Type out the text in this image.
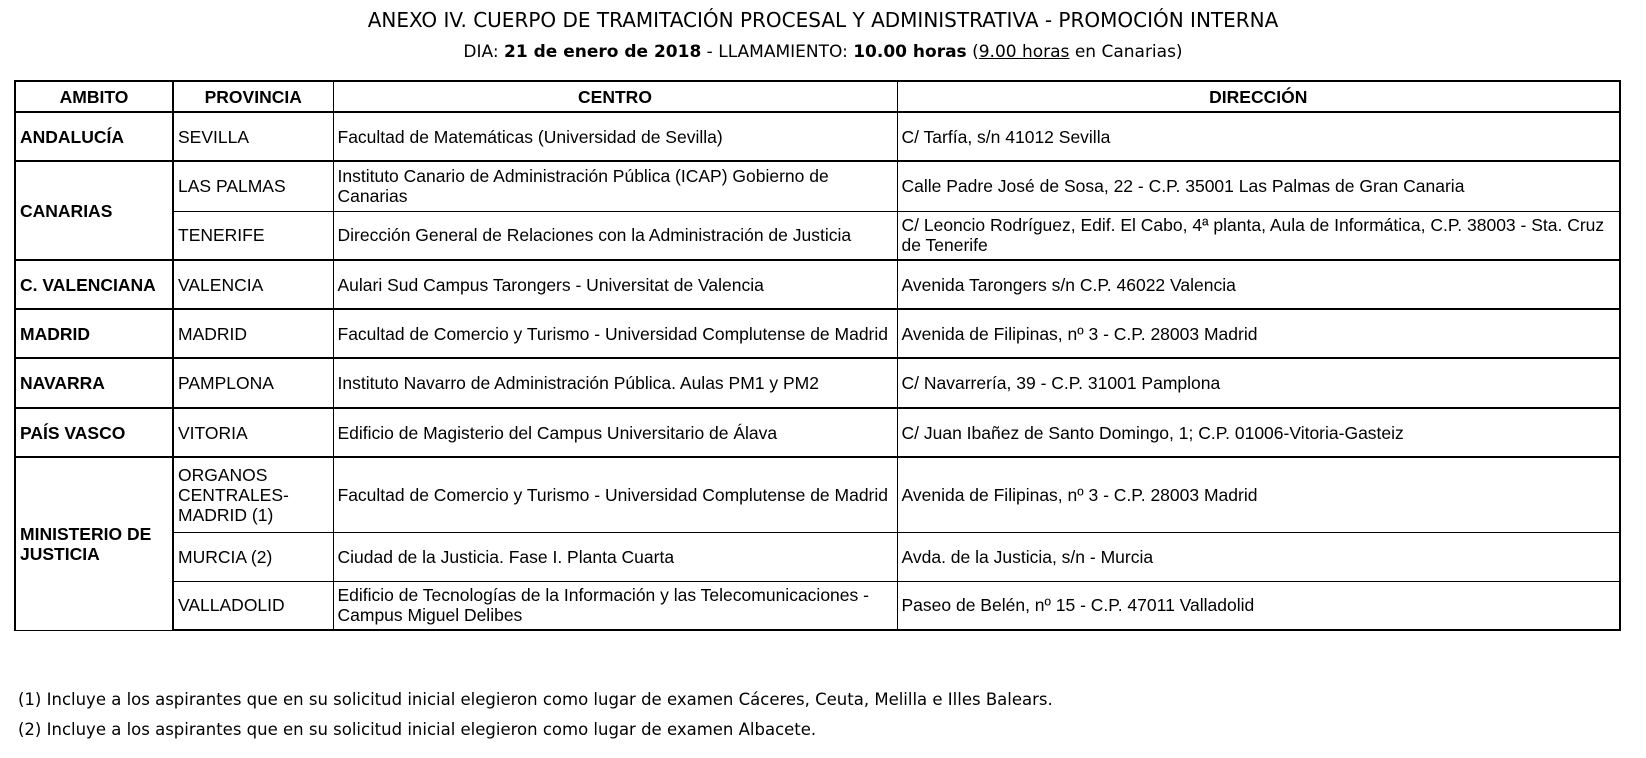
ANEXO IV. CUERPO DE TRAMITACIÓN PROCESAL Y ADMINISTRATIVA - PROMOCIÓN INTERNA
DIA: 21 de enero de 2018 - LLAMAMIENTO: 10.00 horas (9.00 horas en Canarias)
AMBITO	PROVINCIA	CENTRO	DIRECCIÓN
ANDALUCÍA	SEVILLA	Facultad de Matemáticas (Universidad de Sevilla)	C/ Tarfía, s/n 41012 Sevilla
CANARIAS	LAS PALMAS	Instituto Canario de Administración Pública (ICAP) Gobierno de Canarias	Calle Padre José de Sosa, 22 - C.P. 35001 Las Palmas de Gran Canaria
	TENERIFE	Dirección General de Relaciones con la Administración de Justicia	C/ Leoncio Rodríguez, Edif. El Cabo, 4ª planta, Aula de Informática, C.P. 38003 - Sta. Cruz de Tenerife
C. VALENCIANA	VALENCIA	Aulari Sud Campus Tarongers - Universitat de Valencia	Avenida Tarongers s/n C.P. 46022 Valencia
MADRID	MADRID	Facultad de Comercio y Turismo - Universidad Complutense de Madrid	Avenida de Filipinas, nº 3 - C.P. 28003 Madrid
NAVARRA	PAMPLONA	Instituto Navarro de Administración Pública. Aulas PM1 y PM2	C/ Navarrería, 39 - C.P. 31001 Pamplona
PAÍS VASCO	VITORIA	Edificio de Magisterio del Campus Universitario de Álava	C/ Juan Ibañez de Santo Domingo, 1; C.P. 01006-Vitoria-Gasteiz
MINISTERIO DE JUSTICIA	ORGANOS CENTRALES-MADRID (1)	Facultad de Comercio y Turismo - Universidad Complutense de Madrid	Avenida de Filipinas, nº 3 - C.P. 28003 Madrid
	MURCIA (2)	Ciudad de la Justicia. Fase I. Planta Cuarta	Avda. de la Justicia, s/n - Murcia
	VALLADOLID	Edificio de Tecnologías de la Información y las Telecomunicaciones - Campus Miguel Delibes	Paseo de Belén, nº 15 - C.P. 47011 Valladolid
(1) Incluye a los aspirantes que en su solicitud inicial elegieron como lugar de examen Cáceres, Ceuta, Melilla e Illes Balears.
(2) Incluye a los aspirantes que en su solicitud inicial elegieron como lugar de examen Albacete.
